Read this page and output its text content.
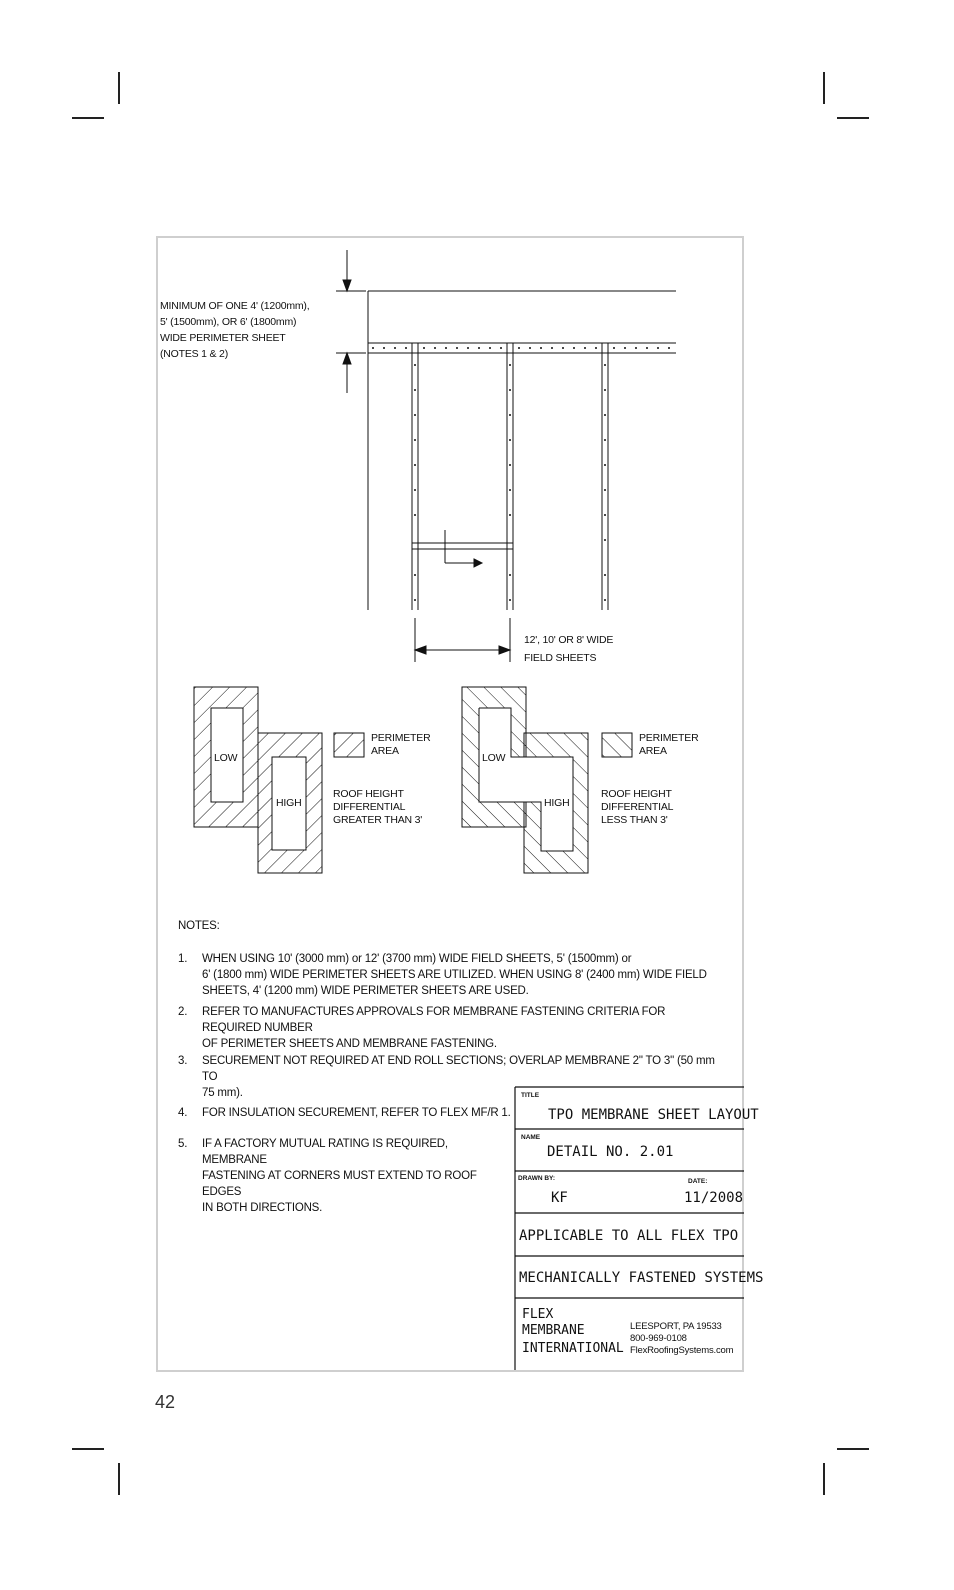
MINIMUM OF ONE 4' (1200mm),
5' (1500mm), OR 6' (1800mm)
WIDE PERIMETER SHEET
(NOTES 1 & 2)
12', 10' OR 8' WIDE
FIELD SHEETS
LOW
HIGH
PERIMETER
AREA
ROOF HEIGHT
DIFFERENTIAL
GREATER THAN 3'
LOW
HIGH
PERIMETER
AREA
ROOF HEIGHT
DIFFERENTIAL
LESS THAN 3'
TITLE
TPO MEMBRANE SHEET LAYOUT
NAME
DETAIL NO. 2.01
DRAWN BY:	DATE:
KF	11/2008
APPLICABLE TO ALL FLEX TPO
MECHANICALLY FASTENED SYSTEMS
FLEX
MEMBRANE
INTERNATIONAL
LEESPORT, PA 19533
800-969-0108
FlexRoofingSystems.com
NOTES:
1. WHEN USING 10' (3000 mm) or 12' (3700 mm) WIDE FIELD SHEETS, 5' (1500mm) or
6' (1800 mm) WIDE PERIMETER SHEETS ARE UTILIZED. WHEN USING 8' (2400 mm) WIDE FIELD
SHEETS, 4' (1200 mm) WIDE PERIMETER SHEETS ARE USED.
2. REFER TO MANUFACTURES APPROVALS FOR MEMBRANE FASTENING CRITERIA FOR REQUIRED NUMBER
OF PERIMETER SHEETS AND MEMBRANE FASTENING.
3. SECUREMENT NOT REQUIRED AT END ROLL SECTIONS; OVERLAP MEMBRANE 2" TO 3" (50 mm TO
75 mm).
4. FOR INSULATION SECUREMENT, REFER TO FLEX MF/R 1.
5. IF A FACTORY MUTUAL RATING IS REQUIRED, MEMBRANE
FASTENING AT CORNERS MUST EXTEND TO ROOF EDGES
IN BOTH DIRECTIONS.
42
